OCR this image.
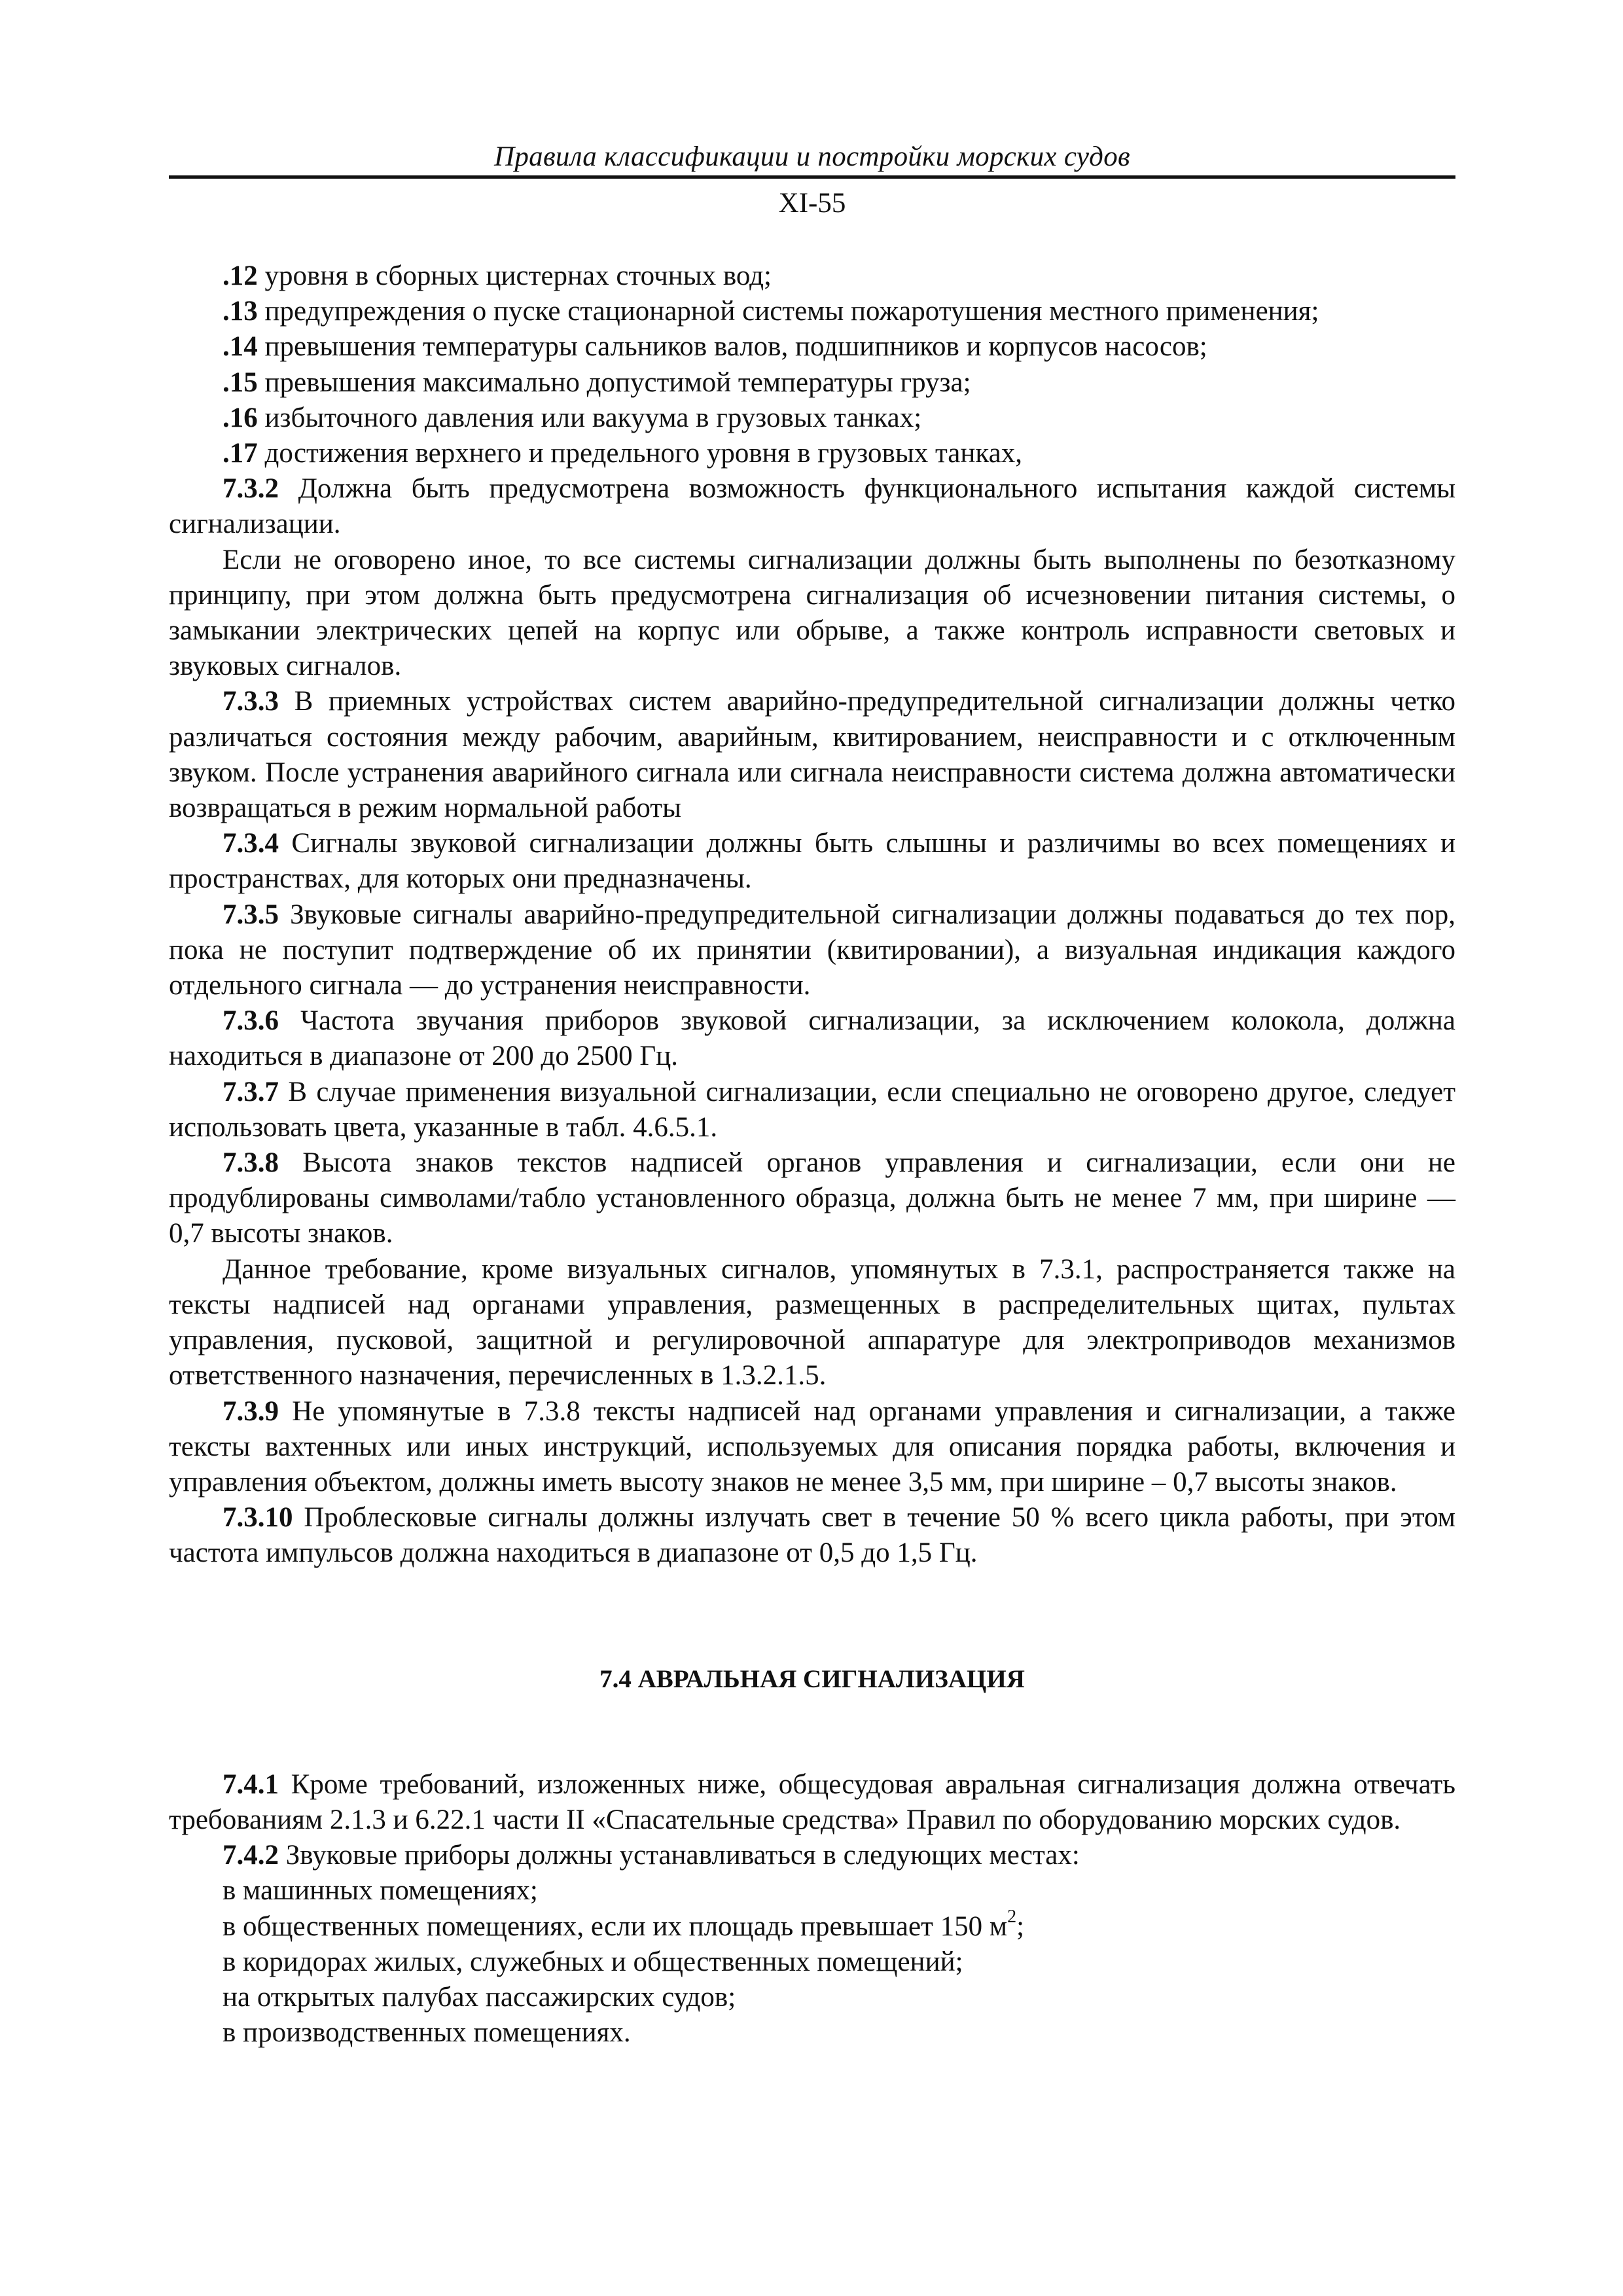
Правила классификации и постройки морских судов
XI-55

.12 уровня в сборных цистернах сточных вод;

.13 предупреждения о пуске стационарной системы пожаротушения местного применения;

.14 превышения температуры сальников валов, подшипников и корпусов насосов;

.15 превышения максимально допустимой температуры груза;

.16 избыточного давления или вакуума в грузовых танках;

.17 достижения верхнего и предельного уровня в грузовых танках,

7.3.2 Должна быть предусмотрена возможность функционального испытания каждой системы сигнализации.

Если не оговорено иное, то все системы сигнализации должны быть выполнены по безотказному принципу, при этом должна быть предусмотрена сигнализация об исчезновении питания системы, о замыкании электрических цепей на корпус или обрыве, а также контроль исправности световых и звуковых сигналов.

7.3.3 В приемных устройствах систем аварийно-предупредительной сигнализации должны четко различаться состояния между рабочим, аварийным, квитированием, неисправности и с отключенным звуком. После устранения аварийного сигнала или сигнала неисправности система должна автоматически возвращаться в режим нормальной работы

7.3.4 Сигналы звуковой сигнализации должны быть слышны и различимы во всех помещениях и пространствах, для которых они предназначены.

7.3.5 Звуковые сигналы аварийно-предупредительной сигнализации должны подаваться до тех пор, пока не поступит подтверждение об их принятии (квитировании), а визуальная индикация каждого отдельного сигнала — до устранения неисправности.

7.3.6 Частота звучания приборов звуковой сигнализации, за исключением колокола, должна находиться в диапазоне от 200 до 2500 Гц.

7.3.7 В случае применения визуальной сигнализации, если специально не оговорено другое, следует использовать цвета, указанные в табл. 4.6.5.1.

7.3.8 Высота знаков текстов надписей органов управления и сигнализации, если они не продублированы символами/табло установленного образца, должна быть не менее 7 мм, при ширине — 0,7 высоты знаков.

Данное требование, кроме визуальных сигналов, упомянутых в 7.3.1, распространяется также на тексты надписей над органами управления, размещенных в распределительных щитах, пультах управления, пусковой, защитной и регулировочной аппаратуре для электроприводов механизмов ответственного назначения, перечисленных в 1.3.2.1.5.

7.3.9 Не упомянутые в 7.3.8 тексты надписей над органами управления и сигнализации, а также тексты вахтенных или иных инструкций, используемых для описания порядка работы, включения и управления объектом, должны иметь высоту знаков не менее 3,5 мм, при ширине – 0,7 высоты знаков.

7.3.10 Проблесковые сигналы должны излучать свет в течение 50 % всего цикла работы, при этом частота импульсов должна находиться в диапазоне от 0,5 до 1,5 Гц.

7.4 АВРАЛЬНАЯ СИГНАЛИЗАЦИЯ

7.4.1 Кроме требований, изложенных ниже, общесудовая авральная сигнализация должна отвечать требованиям 2.1.3 и 6.22.1 части II «Спасательные средства» Правил по оборудованию морских судов.

7.4.2 Звуковые приборы должны устанавливаться в следующих местах:

в машинных помещениях;

в общественных помещениях, если их площадь превышает 150 $м^2$;

в коридорах жилых, служебных и общественных помещений;

на открытых палубах пассажирских судов;

в производственных помещениях.
